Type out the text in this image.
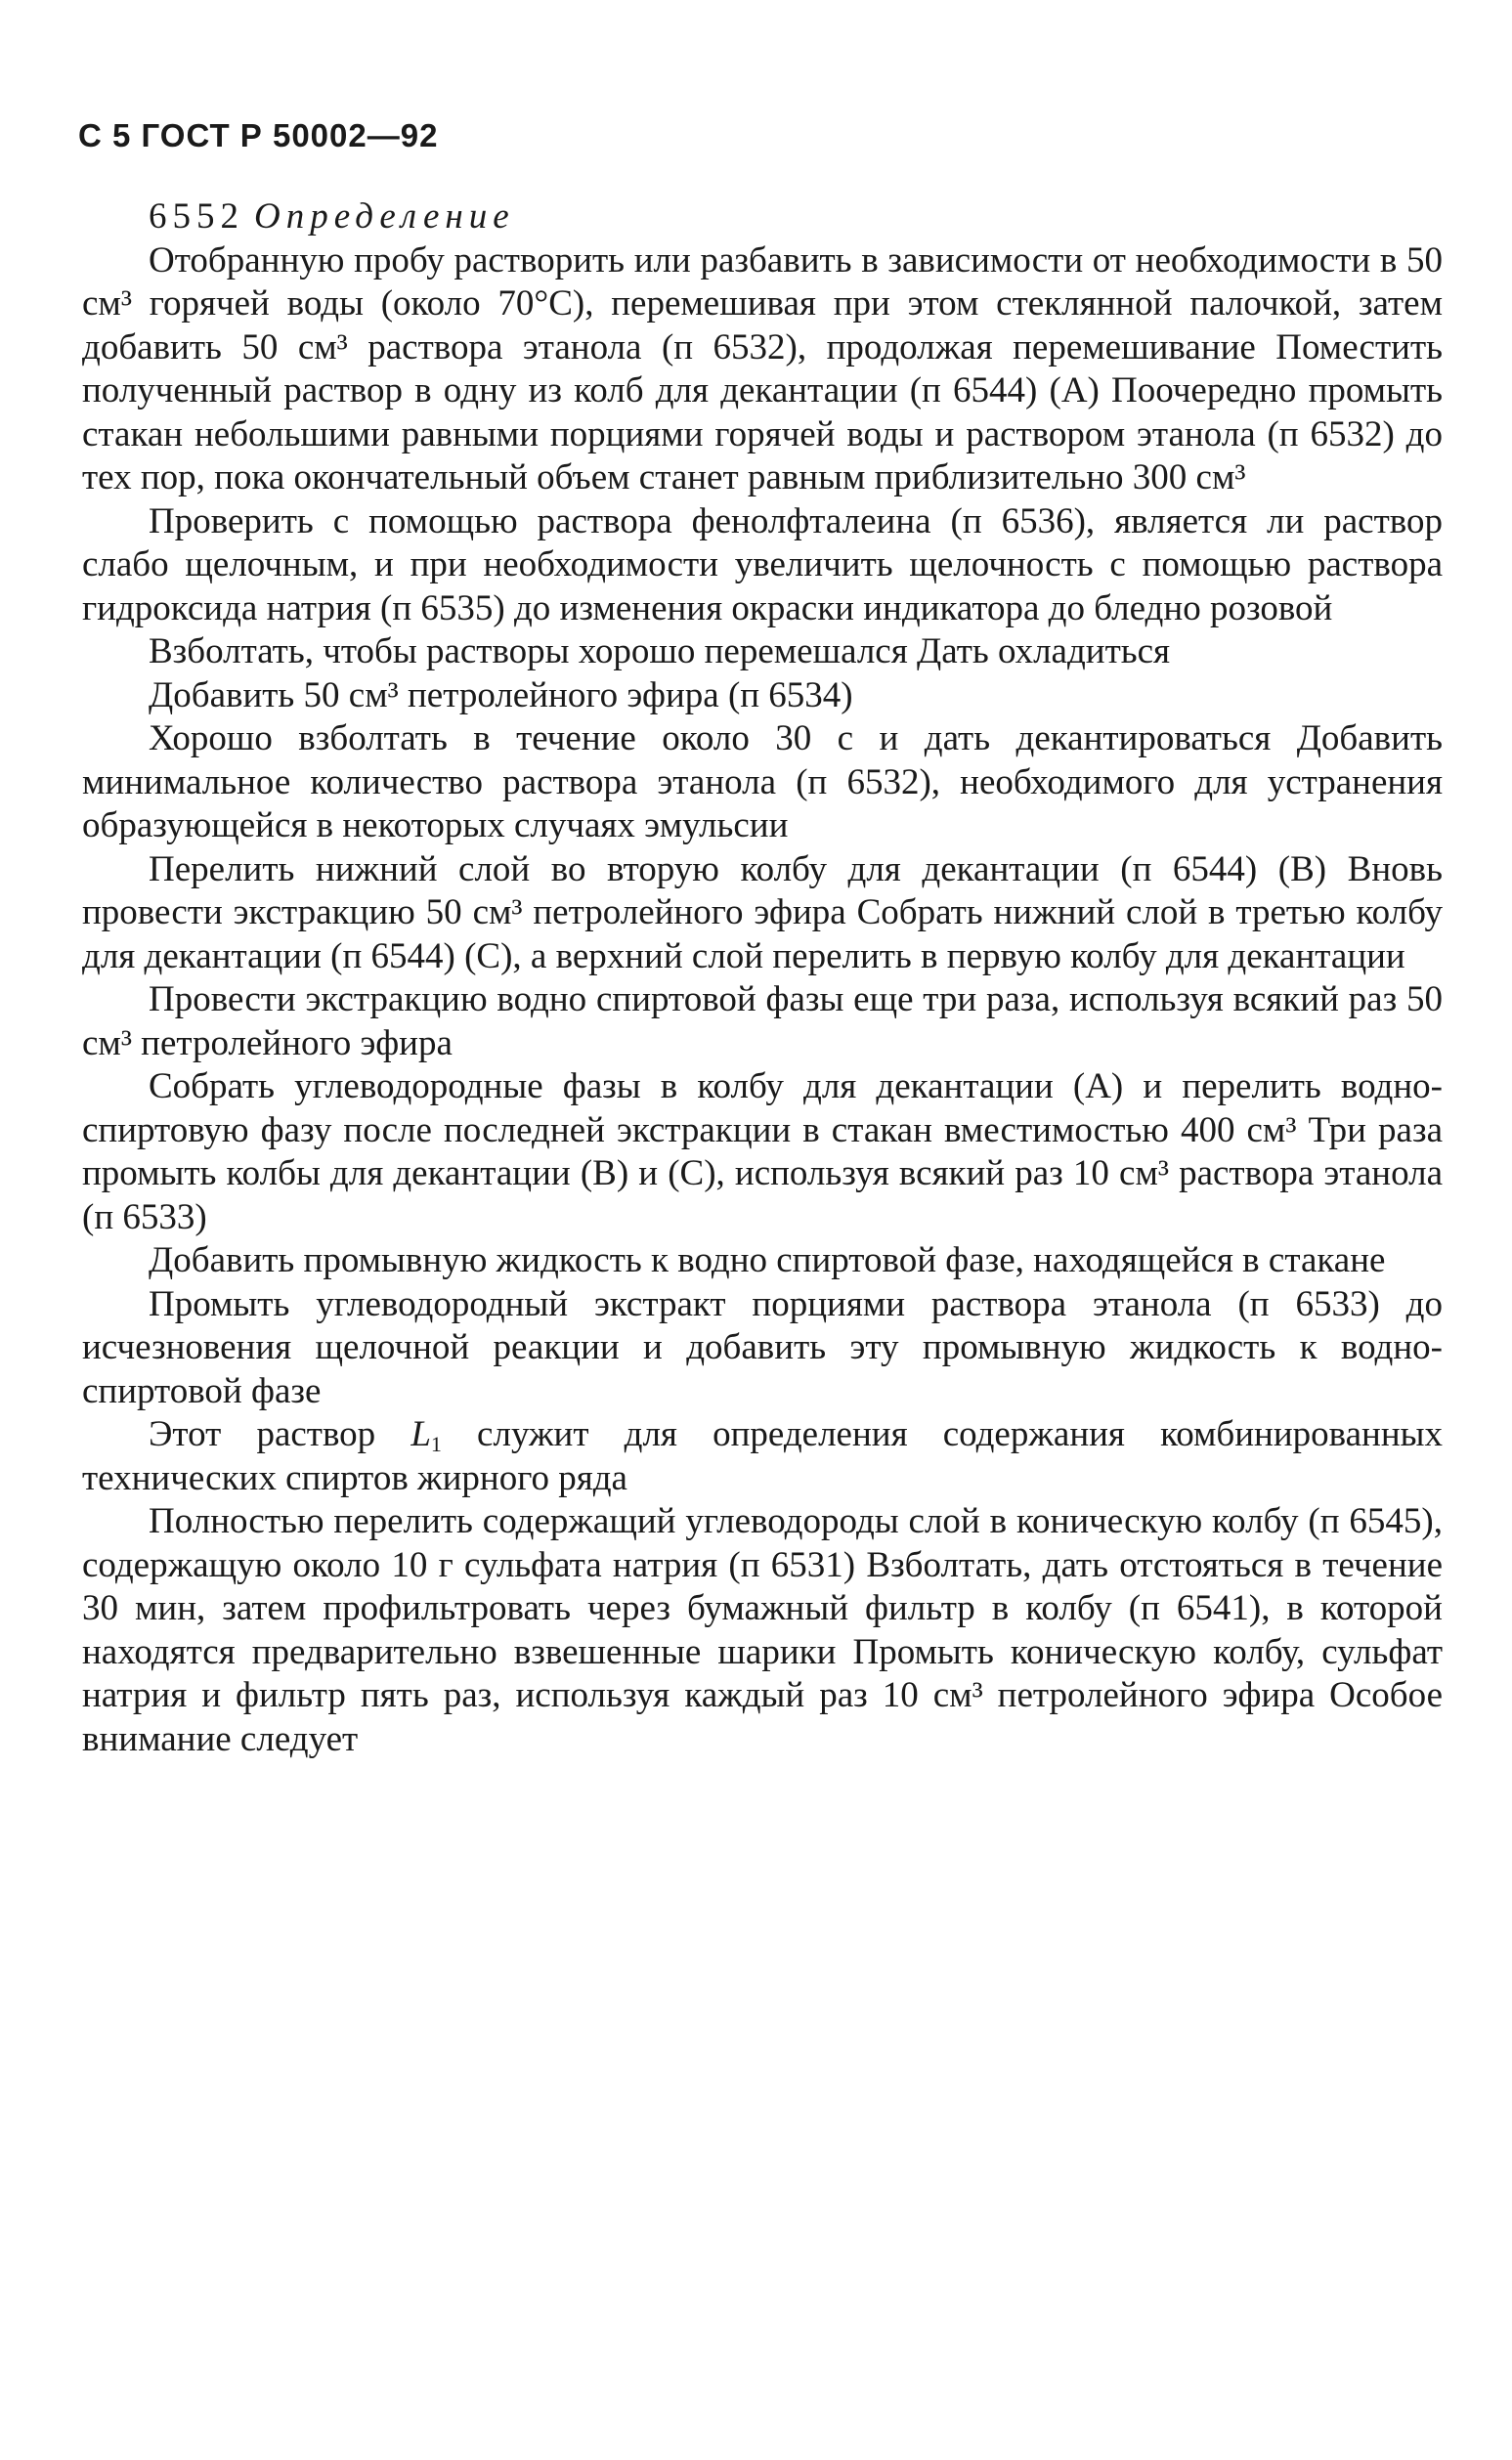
С 5 ГОСТ Р 50002—92

6552 Определение

Отобранную пробу растворить или разбавить в зависимости от необходимости в 50 см³ горячей воды (около 70°С), перемешивая при этом стеклянной палочкой, затем добавить 50 см³ раствора этанола (п 6532), продолжая перемешивание Поместить полученный раствор в одну из колб для декантации (п 6544) (А) Поочередно промыть стакан небольшими равными порциями горячей воды и раствором этанола (п 6532) до тех пор, пока окончательный объем станет равным приблизительно 300 см³

Проверить с помощью раствора фенолфталеина (п 6536), является ли раствор слабо щелочным, и при необходимости увеличить щелочность с помощью раствора гидроксида натрия (п 6535) до изменения окраски индикатора до бледно розовой

Взболтать, чтобы растворы хорошо перемешался Дать охладиться

Добавить 50 см³ петролейного эфира (п 6534)

Хорошо взболтать в течение около 30 с и дать декантироваться Добавить минимальное количество раствора этанола (п 6532), необходимого для устранения образующейся в некоторых случаях эмульсии

Перелить нижний слой во вторую колбу для декантации (п 6544) (В) Вновь провести экстракцию 50 см³ петролейного эфира Собрать нижний слой в третью колбу для декантации (п 6544) (С), а верхний слой перелить в первую колбу для декантации

Провести экстракцию водно спиртовой фазы еще три раза, используя всякий раз 50 см³ петролейного эфира

Собрать углеводородные фазы в колбу для декантации (А) и перелить водно-спиртовую фазу после последней экстракции в стакан вместимостью 400 см³ Три раза промыть колбы для декантации (В) и (С), используя всякий раз 10 см³ раствора этанола (п 6533)

Добавить промывную жидкость к водно спиртовой фазе, находящейся в стакане

Промыть углеводородный экстракт порциями раствора этанола (п 6533) до исчезновения щелочной реакции и добавить эту промывную жидкость к водно-спиртовой фазе

Этот раствор $L_1$ служит для определения содержания комбинированных технических спиртов жирного ряда

Полностью перелить содержащий углеводороды слой в коническую колбу (п 6545), содержащую около 10 г сульфата натрия (п 6531) Взболтать, дать отстояться в течение 30 мин, затем профильтровать через бумажный фильтр в колбу (п 6541), в которой находятся предварительно взвешенные шарики Промыть коническую колбу, сульфат натрия и фильтр пять раз, используя каждый раз 10 см³ петролейного эфира Особое внимание следует
